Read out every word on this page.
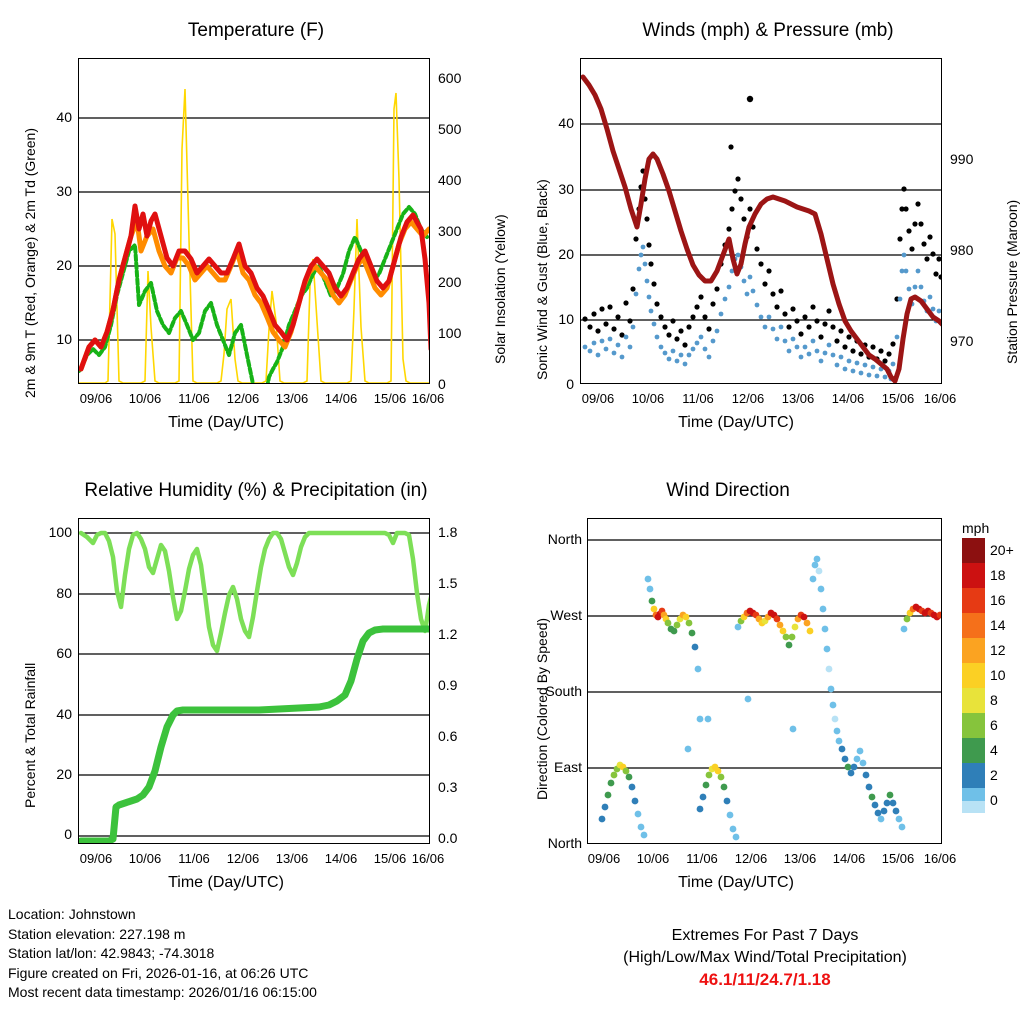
Temperature (F)
2m & 9m T (Red, Orange) & 2m Td (Green)	Solar Insolation (Yellow)
10
20
30
40
0
100
200
300
400
500
600
09/06 10/06 11/06 12/06 13/06 14/06 15/06 16/06
Time (Day/UTC)
Winds (mph) & Pressure (mb)
Sonic Wind & Gust (Blue, Black)	Station Pressure (Maroon)
0
10
20
30
40
970
980
990
09/06 10/06 11/06 12/06 13/06 14/06 15/06 16/06
Time (Day/UTC)
Relative Humidity (%) & Precipitation (in)
Percent & Total Rainfall
0
20
40
60
80
100
0.0
0.3
0.6
0.9
1.2
1.5
1.8
09/06 10/06 11/06 12/06 13/06 14/06 15/06 16/06
Time (Day/UTC)
Wind Direction
Direction (Colored By Speed)
North
West
South
East
North
09/06 10/06 11/06 12/06 13/06 14/06 15/06 16/06
Time (Day/UTC)
mph
20+
18
16
14
12
10
8
6
4
2
0
Location: Johnstown
Station elevation: 227.198 m
Station lat/lon: 42.9843; -74.3018
Figure created on Fri, 2026-01-16, at 06:26 UTC
Most recent data timestamp: 2026/01/16 06:15:00
Extremes For Past 7 Days
(High/Low/Max Wind/Total Precipitation)
46.1/11/24.7/1.18
